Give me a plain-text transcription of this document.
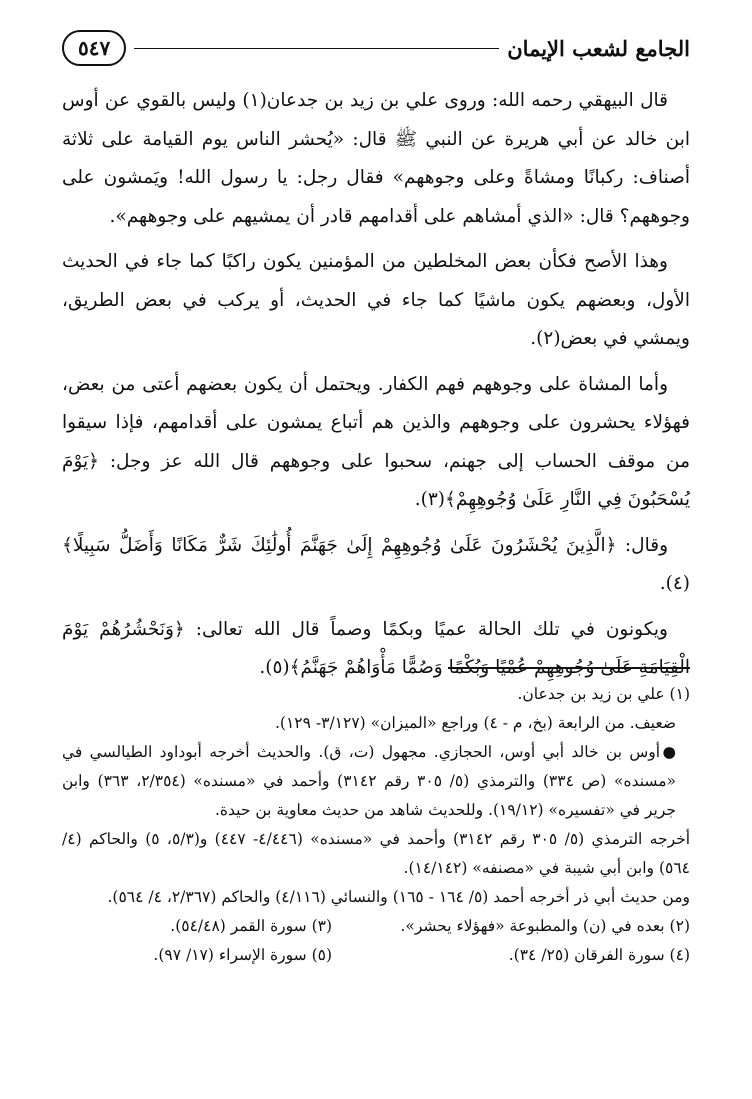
الجامع لشعب الإيمان
٥٤٧

قال البيهقي رحمه الله: وروى علي بن زيد بن جدعان(١) وليس بالقوي عن أوس ابن خالد عن أبي هريرة عن النبي ﷺ قال: «يُحشر الناس يوم القيامة على ثلاثة أصناف: ركبانًا ومشاةً وعلى وجوههم» فقال رجل: يا رسول الله! ويَمشون على وجوههم؟ قال: «الذي أمشاهم على أقدامهم قادر أن يمشيهم على وجوههم».

وهذا الأصح فكأن بعض المخلطين من المؤمنين يكون راكبًا كما جاء في الحديث الأول، وبعضهم يكون ماشيًا كما جاء في الحديث، أو يركب في بعض الطريق، ويمشي في بعض(٢).

وأما المشاة على وجوههم فهم الكفار. ويحتمل أن يكون بعضهم أعتى من بعض، فهؤلاء يحشرون على وجوههم والذين هم أتباع يمشون على أقدامهم، فإذا سيقوا من موقف الحساب إلى جهنم، سحبوا على وجوههم قال الله عز وجل: ﴿يَوْمَ يُسْحَبُونَ فِي النَّارِ عَلَىٰ وُجُوهِهِمْ﴾(٣).

وقال: ﴿الَّذِينَ يُحْشَرُونَ عَلَىٰ وُجُوهِهِمْ إِلَىٰ جَهَنَّمَ أُولَٰئِكَ شَرٌّ مَكَانًا وَأَضَلُّ سَبِيلًا﴾(٤).

ويكونون في تلك الحالة عميًا وبكمًا وصماً قال الله تعالى: ﴿وَنَحْشُرُهُمْ يَوْمَ الْقِيَامَةِ عَلَىٰ وُجُوهِهِمْ عُمْيًا وَبُكْمًا وَصُمًّا مَأْوَاهُمْ جَهَنَّمُ﴾(٥).

(١) علي بن زيد بن جدعان.

ضعيف. من الرابعة (بخ، م - ٤) وراجع «الميزان» (٣/١٢٧- ١٢٩).

●أوس بن خالد أبي أوس، الحجازي. مجهول (ت، ق). والحديث أخرجه أبوداود الطيالسي في «مسنده» (ص ٣٣٤) والترمذي (٥/ ٣٠٥ رقم ٣١٤٢) وأحمد في «مسنده» (٢/٣٥٤، ٣٦٣) وابن جرير في «تفسيره» (١٩/١٢). وللحديث شاهد من حديث معاوية بن حيدة.

أخرجه الترمذي (٥/ ٣٠٥ رقم ٣١٤٢) وأحمد في «مسنده» (٤/٤٤٦- ٤٤٧) و(٥/٣، ٥) والحاكم (٤/ ٥٦٤) وابن أبي شيبة في «مصنفه» (١٤/١٤٢).

ومن حديث أبي ذر أخرجه أحمد (٥/ ١٦٤ - ١٦٥) والنسائي (٤/١١٦) والحاكم (٢/٣٦٧، ٤/ ٥٦٤).

(٢) بعده في (ن) والمطبوعة «فهؤلاء يحشر».
(٣) سورة القمر (٥٤/٤٨).
(٤) سورة الفرقان (٢٥/ ٣٤).
(٥) سورة الإسراء (١٧/ ٩٧).
